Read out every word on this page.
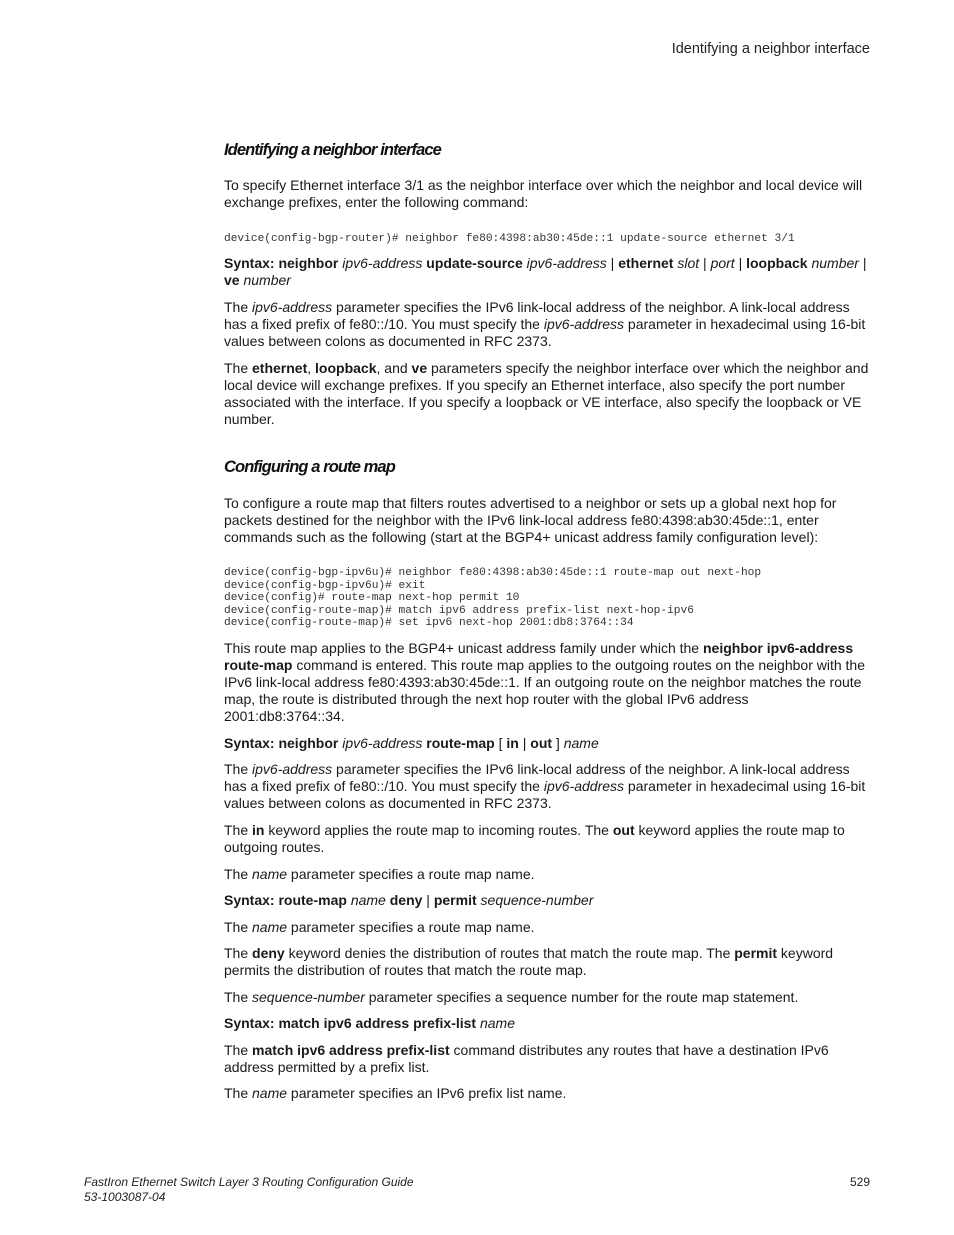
Identifying a neighbor interface
Identifying a neighbor interface

To specify Ethernet interface 3/1 as the neighbor interface over which the neighbor and local device will exchange prefixes, enter the following command:

device(config-bgp-router)# neighbor fe80:4398:ab30:45de::1 update-source ethernet 3/1

Syntax: neighbor ipv6-address update-source ipv6-address | ethernet slot | port | loopback number | ve number

The ipv6-address parameter specifies the IPv6 link-local address of the neighbor. A link-local address has a fixed prefix of fe80::/10. You must specify the ipv6-address parameter in hexadecimal using 16-bit values between colons as documented in RFC 2373.

The ethernet, loopback, and ve parameters specify the neighbor interface over which the neighbor and local device will exchange prefixes. If you specify an Ethernet interface, also specify the port number associated with the interface. If you specify a loopback or VE interface, also specify the loopback or VE number.

Configuring a route map

To configure a route map that filters routes advertised to a neighbor or sets up a global next hop for packets destined for the neighbor with the IPv6 link-local address fe80:4398:ab30:45de::1, enter commands such as the following (start at the BGP4+ unicast address family configuration level):

device(config-bgp-ipv6u)# neighbor fe80:4398:ab30:45de::1 route-map out next-hop
device(config-bgp-ipv6u)# exit
device(config)# route-map next-hop permit 10
device(config-route-map)# match ipv6 address prefix-list next-hop-ipv6
device(config-route-map)# set ipv6 next-hop 2001:db8:3764::34

This route map applies to the BGP4+ unicast address family under which the neighbor ipv6-address route-map command is entered. This route map applies to the outgoing routes on the neighbor with the IPv6 link-local address fe80:4393:ab30:45de::1. If an outgoing route on the neighbor matches the route map, the route is distributed through the next hop router with the global IPv6 address 2001:db8:3764::34.

Syntax: neighbor ipv6-address route-map [ in | out ] name

The ipv6-address parameter specifies the IPv6 link-local address of the neighbor. A link-local address has a fixed prefix of fe80::/10. You must specify the ipv6-address parameter in hexadecimal using 16-bit values between colons as documented in RFC 2373.

The in keyword applies the route map to incoming routes. The out keyword applies the route map to outgoing routes.

The name parameter specifies a route map name.

Syntax: route-map name deny | permit sequence-number

The name parameter specifies a route map name.

The deny keyword denies the distribution of routes that match the route map. The permit keyword permits the distribution of routes that match the route map.

The sequence-number parameter specifies a sequence number for the route map statement.

Syntax: match ipv6 address prefix-list name

The match ipv6 address prefix-list command distributes any routes that have a destination IPv6 address permitted by a prefix list.

The name parameter specifies an IPv6 prefix list name.

FastIron Ethernet Switch Layer 3 Routing Configuration Guide
53-1003087-04
529
